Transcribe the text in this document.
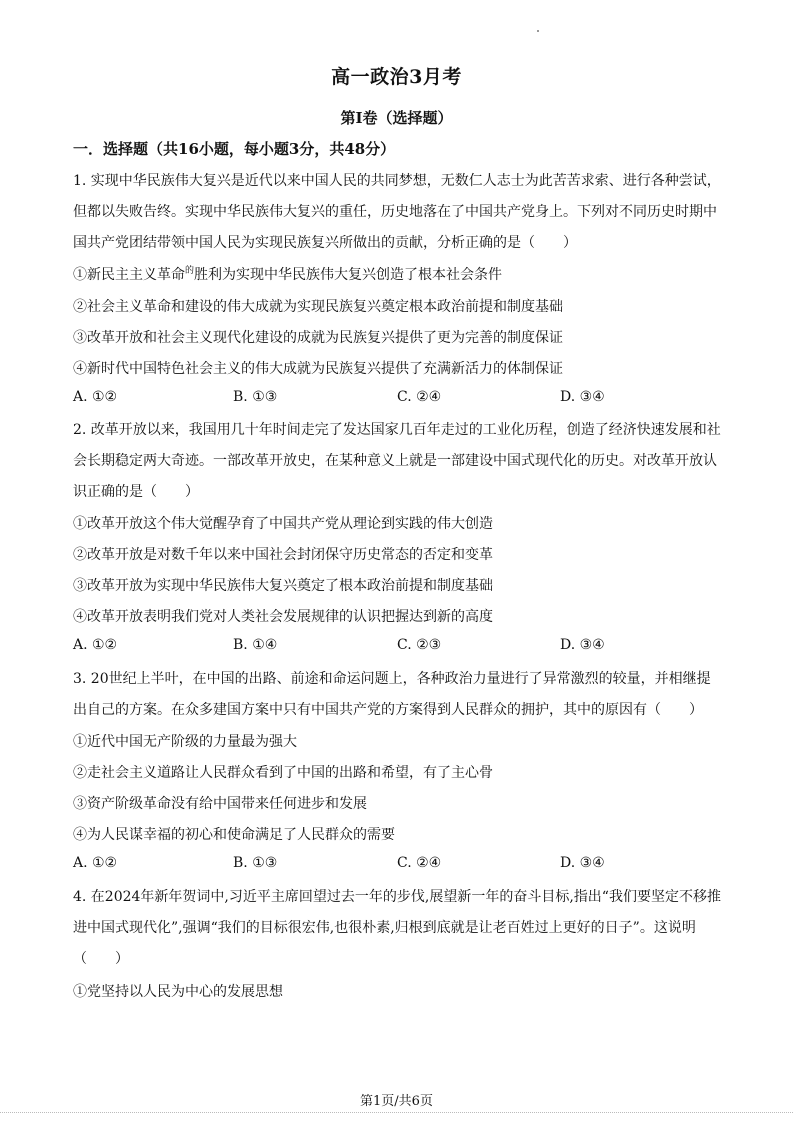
高一政治3月考
第Ⅰ卷（选择题）
一．选择题（共16小题，每小题3分，共48分）
1. 实现中华民族伟大复兴是近代以来中国人民的共同梦想，无数仁人志士为此苦苦求索、进行各种尝试，但都以失败告终。实现中华民族伟大复兴的重任，历史地落在了中国共产党身上。下列对不同历史时期中国共产党团结带领中国人民为实现民族复兴所做出的贡献，分析正确的是（　　）
①新民主主义革命$^的$胜利为实现中华民族伟大复兴创造了根本社会条件
②社会主义革命和建设的伟大成就为实现民族复兴奠定根本政治前提和制度基础
③改革开放和社会主义现代化建设的成就为民族复兴提供了更为完善的制度保证
④新时代中国特色社会主义的伟大成就为民族复兴提供了充满新活力的体制保证
A. ①②	B. ①③	C. ②④	D. ③④
2. 改革开放以来，我国用几十年时间走完了发达国家几百年走过的工业化历程，创造了经济快速发展和社会长期稳定两大奇迹。一部改革开放史，在某种意义上就是一部建设中国式现代化的历史。对改革开放认识正确的是（　　）
①改革开放这个伟大觉醒孕育了中国共产党从理论到实践的伟大创造
②改革开放是对数千年以来中国社会封闭保守历史常态的否定和变革
③改革开放为实现中华民族伟大复兴奠定了根本政治前提和制度基础
④改革开放表明我们党对人类社会发展规律的认识把握达到新的高度
A. ①②	B. ①④	C. ②③	D. ③④
3. 20世纪上半叶，在中国的出路、前途和命运问题上，各种政治力量进行了异常激烈的较量，并相继提出自己的方案。在众多建国方案中只有中国共产党的方案得到人民群众的拥护，其中的原因有（　　）
①近代中国无产阶级的力量最为强大
②走社会主义道路让人民群众看到了中国的出路和希望，有了主心骨
③资产阶级革命没有给中国带来任何进步和发展
④为人民谋幸福的初心和使命满足了人民群众的需要
A. ①②	B. ①③	C. ②④	D. ③④
4. 在2024年新年贺词中,习近平主席回望过去一年的步伐,展望新一年的奋斗目标,指出“我们要坚定不移推进中国式现代化”,强调“我们的目标很宏伟,也很朴素,归根到底就是让老百姓过上更好的日子”。这说明（　　）
①党坚持以人民为中心的发展思想
第1页/共6页
